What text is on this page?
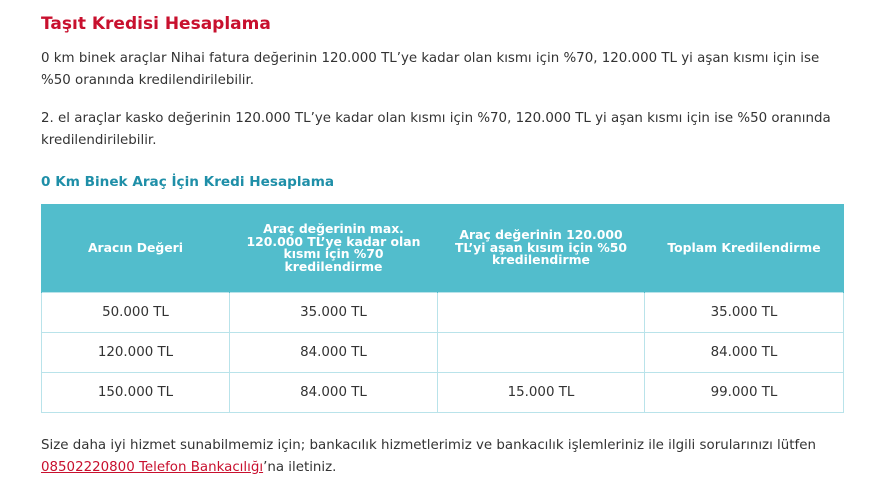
Taşıt Kredisi Hesaplama

0 km binek araçlar Nihai fatura değerinin 120.000 TL’ye kadar olan kısmı için %70, 120.000 TL yi aşan kısmı için ise %50 oranında kredilendirilebilir.

2. el araçlar kasko değerinin 120.000 TL’ye kadar olan kısmı için %70, 120.000 TL yi aşan kısmı için ise %50 oranında kredilendirilebilir.

0 Km Binek Araç İçin Kredi Hesaplama
Aracın Değeri	Araç değerinin max. 120.000 TL’ye kadar olan kısmı için %70 kredilendirme	Araç değerinin 120.000 TL’yi aşan kısım için %50 kredilendirme	Toplam Kredilendirme
50.000 TL	35.000 TL		35.000 TL
120.000 TL	84.000 TL		84.000 TL
150.000 TL	84.000 TL	15.000 TL	99.000 TL

Size daha iyi hizmet sunabilmemiz için; bankacılık hizmetlerimiz ve bankacılık işlemleriniz ile ilgili sorularınızı lütfen 08502220800 Telefon Bankacılığı’na iletiniz.
